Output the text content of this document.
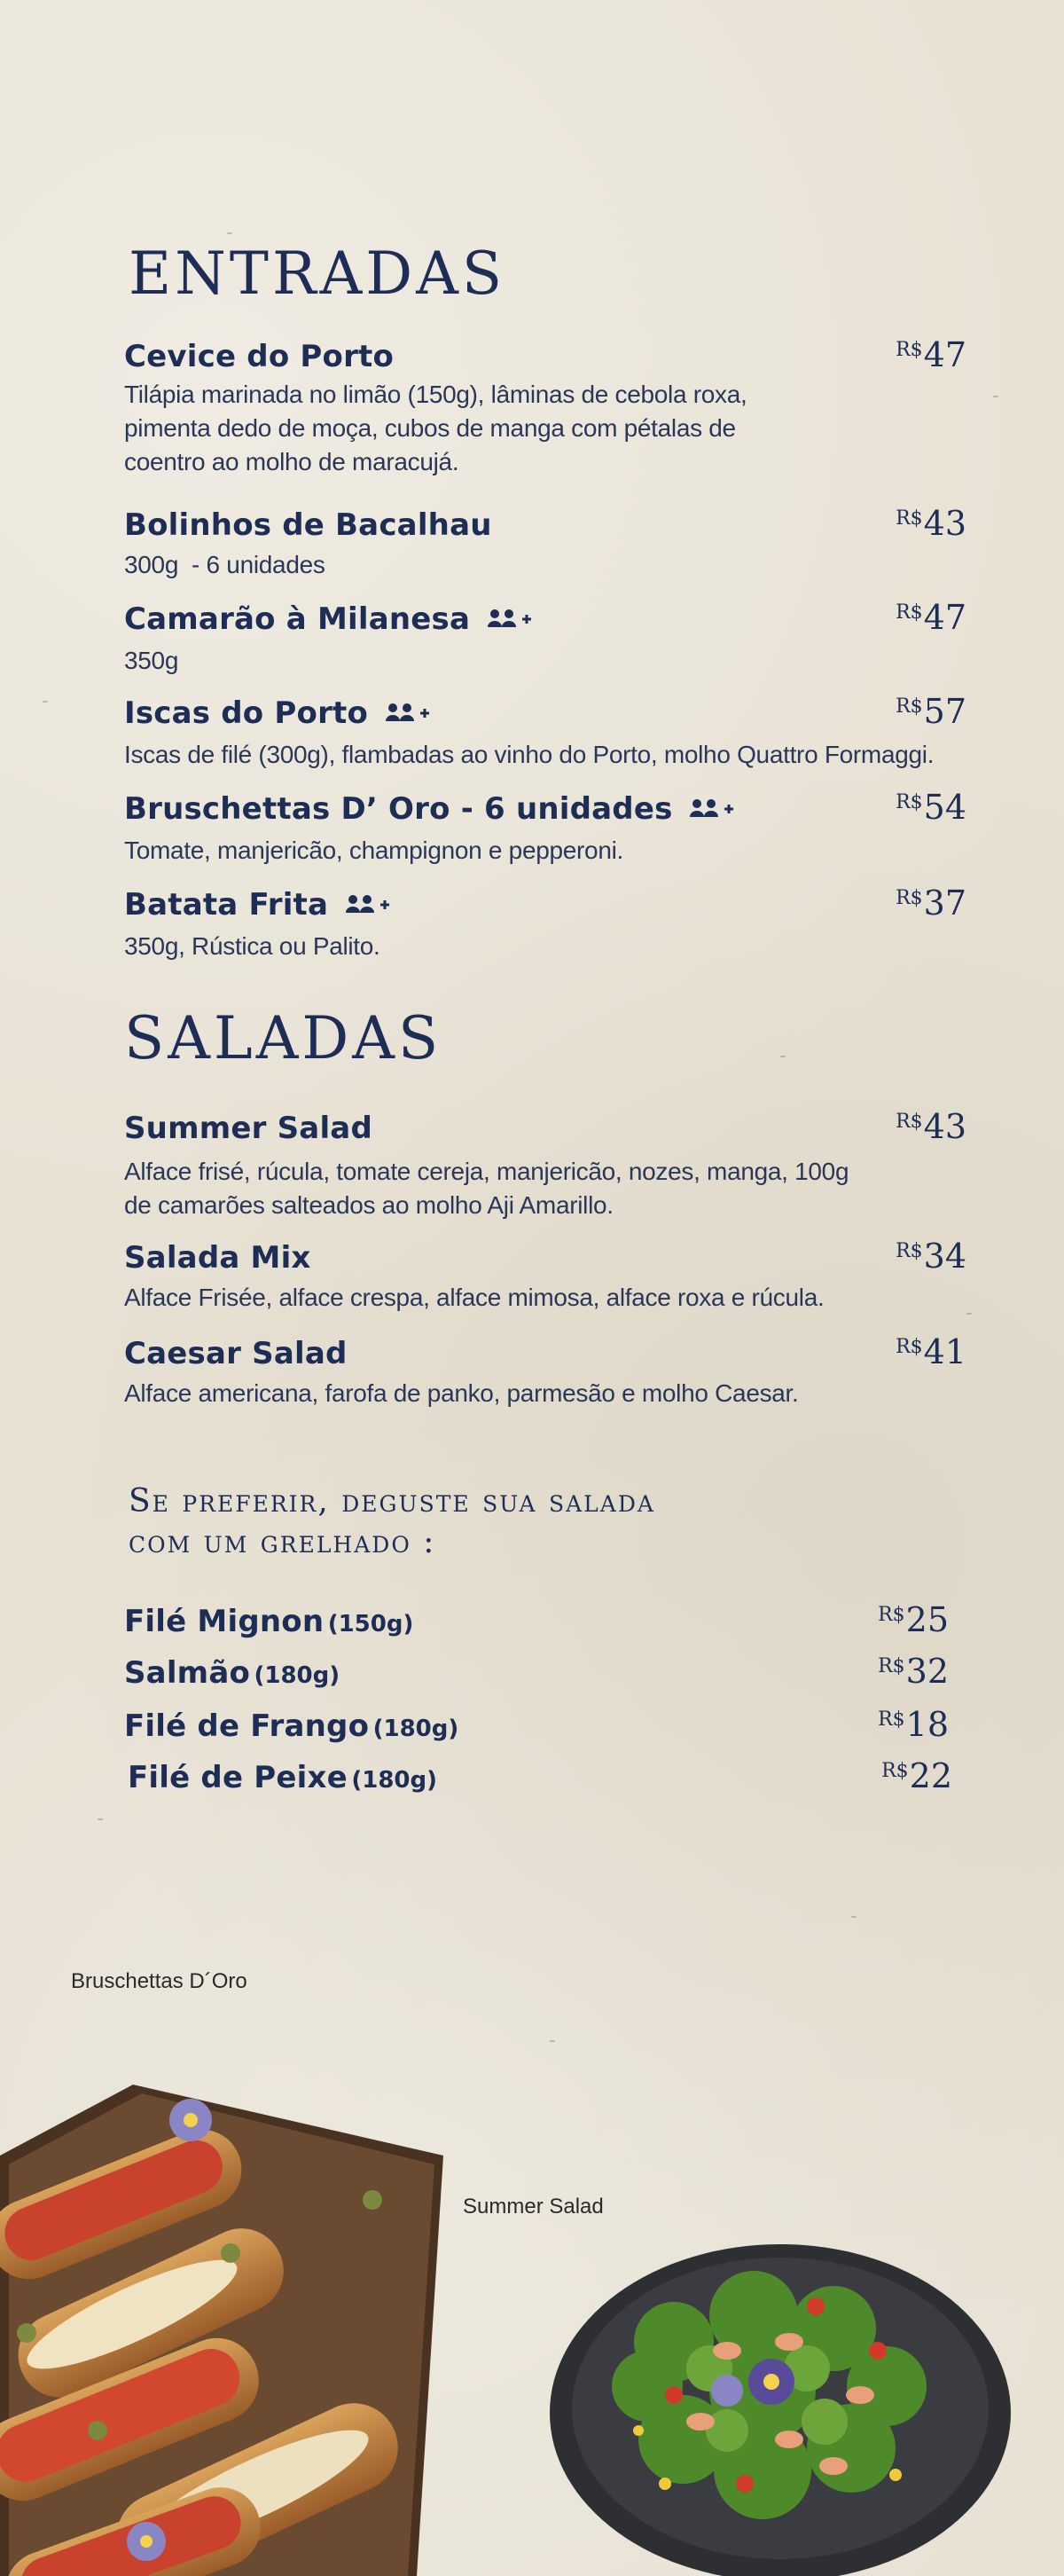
ENTRADAS
Cevice do Porto	$^{R\$}$47
Tilápia marinada no limão (150g), lâminas de cebola roxa, pimenta dedo de moça, cubos de manga com pétalas de coentro ao molho de maracujá.
Bolinhos de Bacalhau	$^{R\$}$43
300g  - 6 unidades
Camarão à Milanesa	$^{R\$}$47
350g
Iscas do Porto	$^{R\$}$57
Iscas de filé (300g), flambadas ao vinho do Porto, molho Quattro Formaggi.
Bruschettas D’ Oro - 6 unidades	$^{R\$}$54
Tomate, manjericão, champignon e pepperoni.
Batata Frita	$^{R\$}$37
350g, Rústica ou Palito.
SALADAS
Summer Salad	$^{R\$}$43
Alface frisé, rúcula, tomate cereja, manjericão, nozes, manga, 100g de camarões salteados ao molho Aji Amarillo.
Salada Mix	$^{R\$}$34
Alface Frisée, alface crespa, alface mimosa, alface roxa e rúcula.
Caesar Salad	$^{R\$}$41
Alface americana, farofa de panko, parmesão e molho Caesar.
Se preferir, deguste sua salada
com um grelhado :
Filé Mignon (150g)	$^{R\$}$25
Salmão (180g)	$^{R\$}$32
Filé de Frango (180g)	$^{R\$}$18
Filé de Peixe (180g)	$^{R\$}$22
Bruschettas D´Oro
Summer Salad
